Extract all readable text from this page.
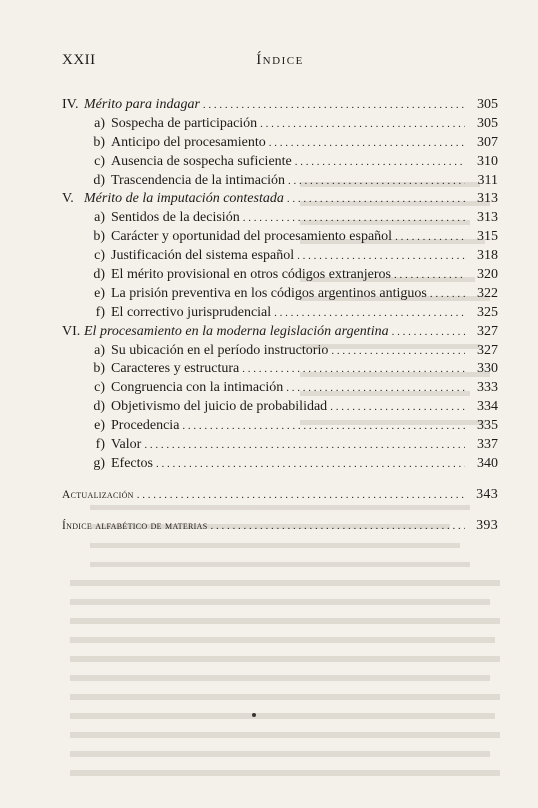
XXII	Índice
IV. Mérito para indagar . . .	305
a) Sospecha de participación . . .	305
b) Anticipo del procesamiento . . .	307
c) Ausencia de sospecha suficiente . . .	310
d) Trascendencia de la intimación . . .	311
V. Mérito de la imputación contestada . . .	313
a) Sentidos de la decisión . . .	313
b) Carácter y oportunidad del procesamiento español . . .	315
c) Justificación del sistema español . . .	318
d) El mérito provisional en otros códigos extranjeros . . .	320
e) La prisión preventiva en los códigos argentinos antiguos . . .	322
f) El correctivo jurisprudencial . . .	325
VI. El procesamiento en la moderna legislación argentina . . .	327
a) Su ubicación en el período instructorio . . .	327
b) Caracteres y estructura . . .	330
c) Congruencia con la intimación . . .	333
d) Objetivismo del juicio de probabilidad . . .	334
e) Procedencia . . .	335
f) Valor . . .	337
g) Efectos . . .	340
Actualización . . .	343
Índice alfabético de materias . . .	393
